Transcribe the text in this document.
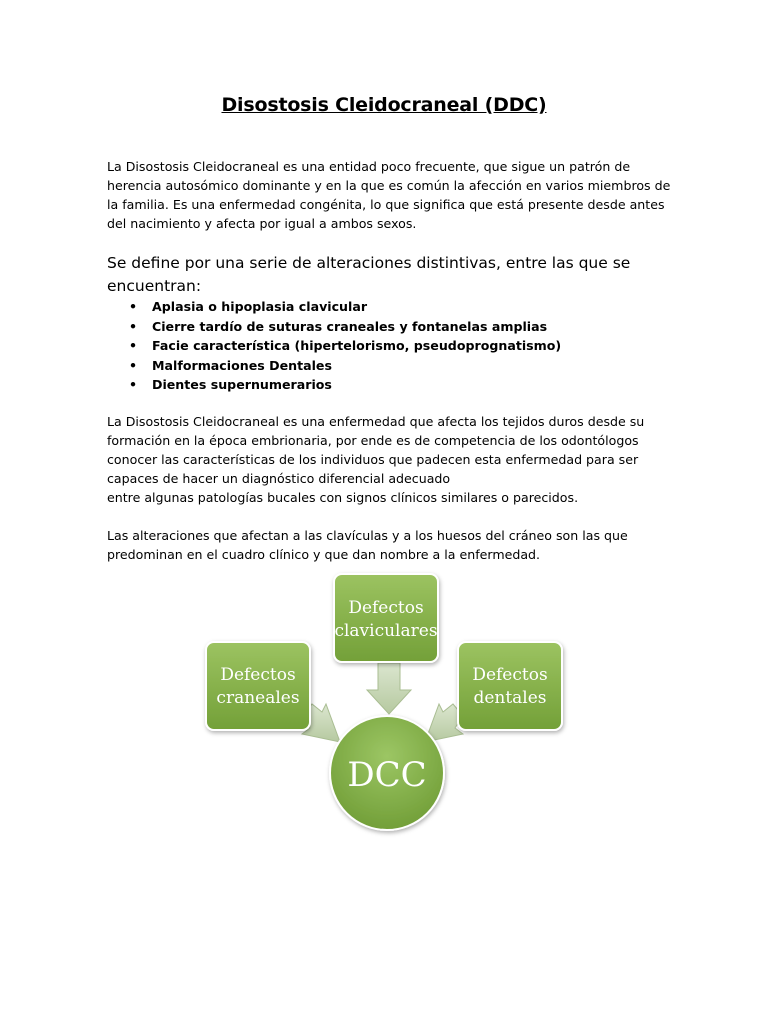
Disostosis Cleidocraneal (DDC)

La Disostosis Cleidocraneal es una entidad poco frecuente, que sigue un patrón de
herencia autosómico dominante y en la que es común la afección en varios miembros de
la familia. Es una enfermedad congénita, lo que significa que está presente desde antes
del nacimiento y afecta por igual a ambos sexos.

Se define por una serie de alteraciones distintivas, entre las que se
encuentran:

• Aplasia o hipoplasia clavicular
• Cierre tardío de suturas craneales y fontanelas amplias
• Facie característica (hipertelorismo, pseudoprognatismo)
• Malformaciones Dentales
• Dientes supernumerarios

La Disostosis Cleidocraneal es una enfermedad que afecta los tejidos duros desde su
formación en la época embrionaria, por ende es de competencia de los odontólogos
conocer las características de los individuos que padecen esta enfermedad para ser
capaces de hacer un diagnóstico diferencial adecuado
entre algunas patologías bucales con signos clínicos similares o parecidos.

Las alteraciones que afectan a las clavículas y a los huesos del cráneo son las que
predominan en el cuadro clínico y que dan nombre a la enfermedad.

Defectos
claviculares
Defectos
craneales
Defectos
dentales
DCC
